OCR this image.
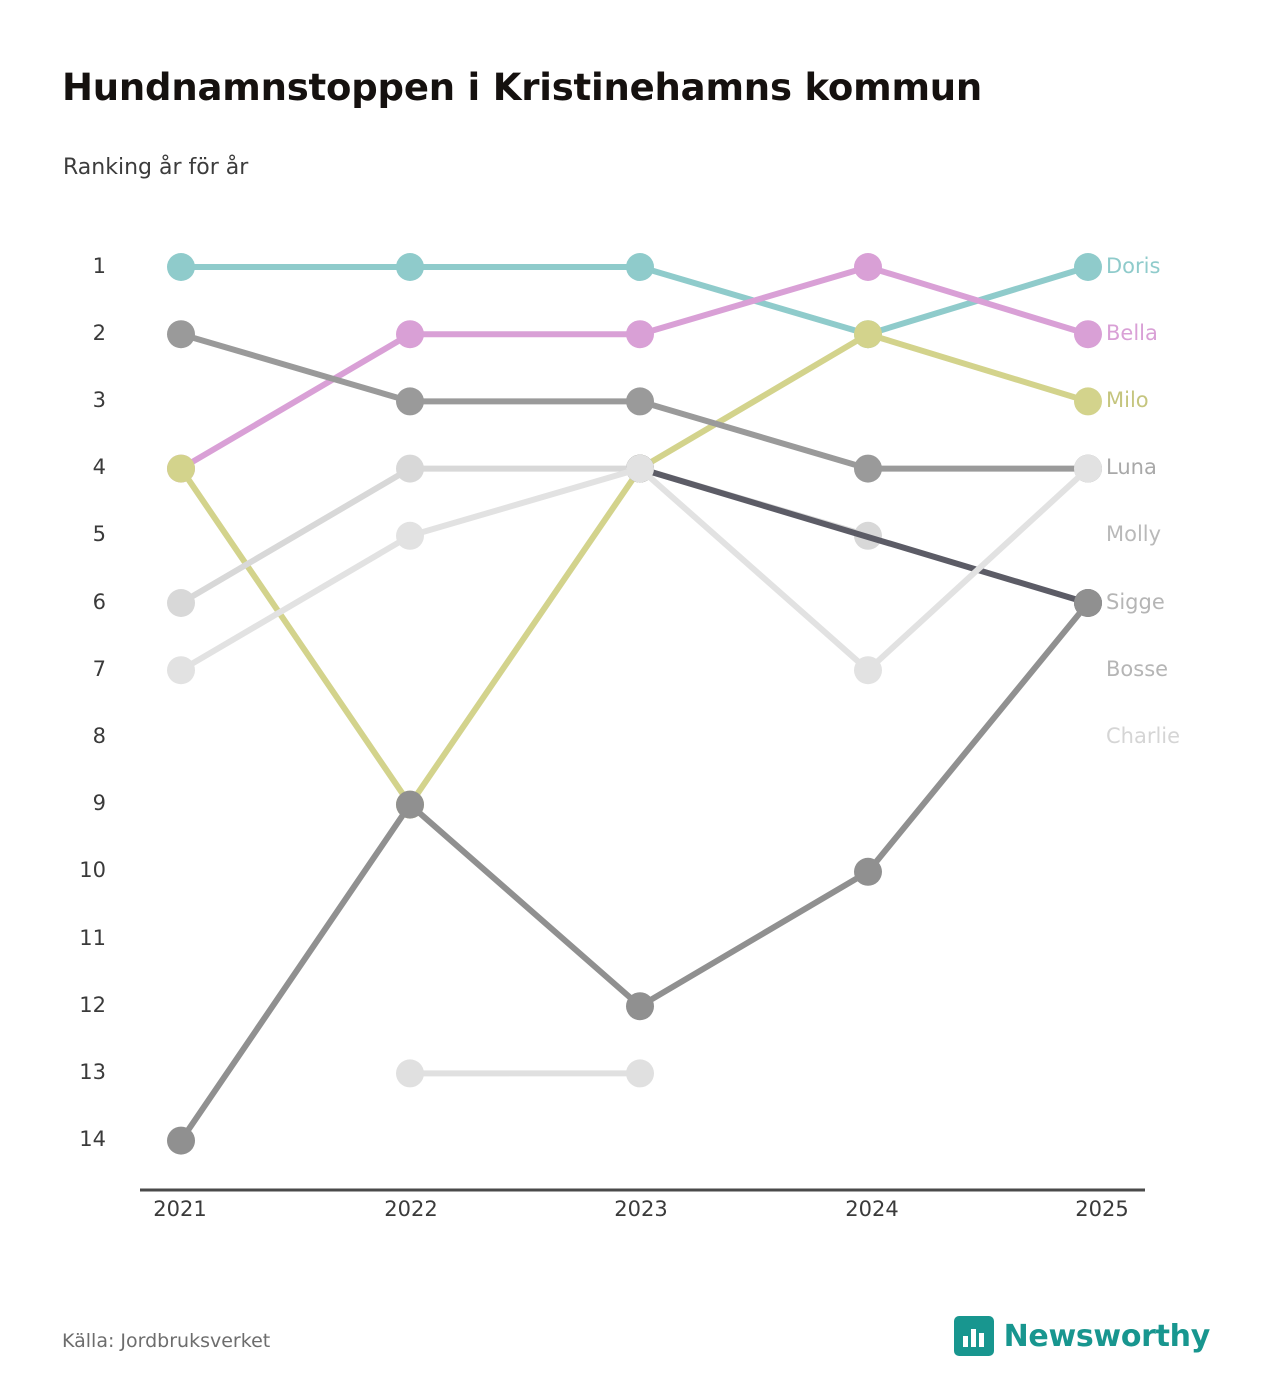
Hundnamnstoppen i Kristinehamns kommun
Ranking år för år
1
2
3
4
5
6
7
8
9
10
11
12
13
14
2021	2022	2023	2024	2025
Doris
Bella
Milo
Luna
Molly
Sigge
Bosse
Charlie
Källa: Jordbruksverket	Newsworthy
